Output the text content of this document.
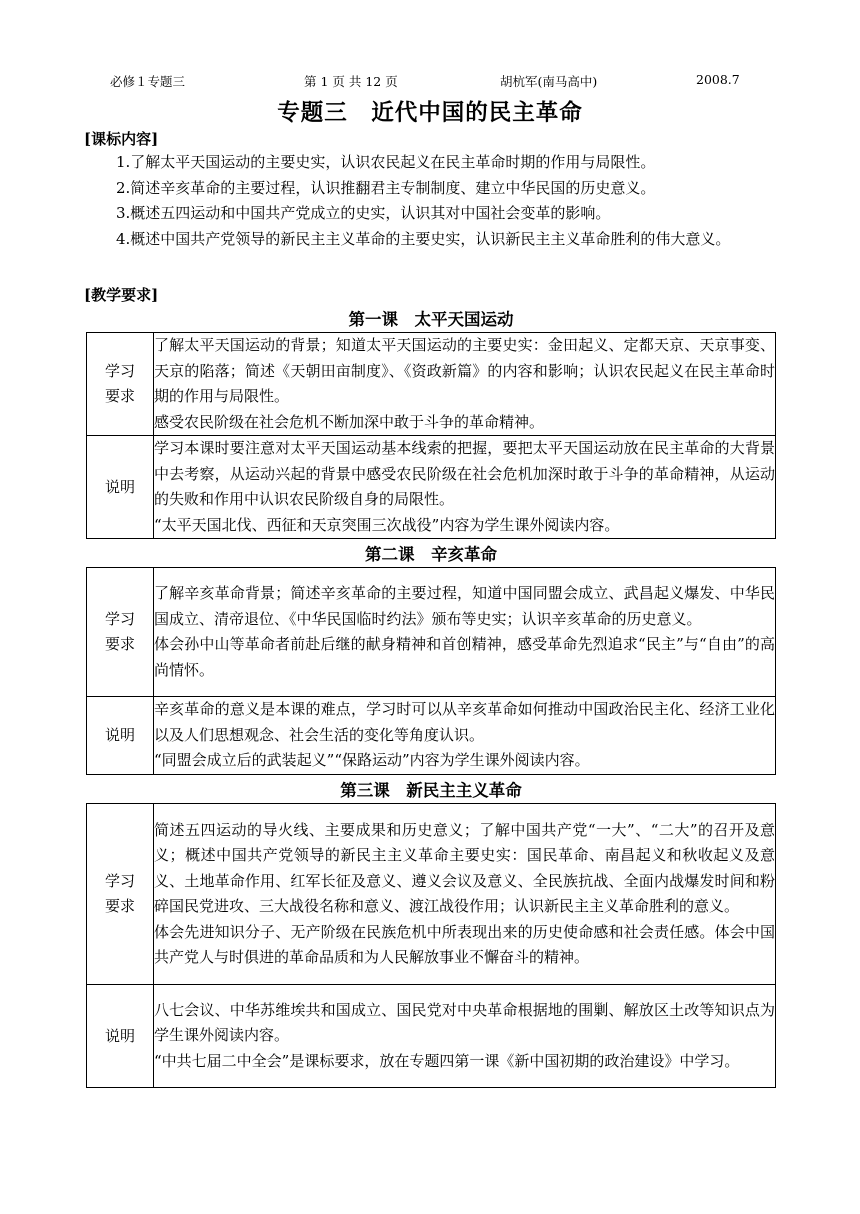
必修１专题三	第 1 页 共 12 页	胡杭军(南马高中)	2008.7
专题三　近代中国的民主革命
[课标内容]

1.了解太平天国运动的主要史实，认识农民起义在民主革命时期的作用与局限性。

2.简述辛亥革命的主要过程，认识推翻君主专制制度、建立中华民国的历史意义。

3.概述五四运动和中国共产党成立的史实，认识其对中国社会变革的影响。

4.概述中国共产党领导的新民主主义革命的主要史实，认识新民主主义革命胜利的伟大意义。

[教学要求]
第一课　太平天国运动
学习要求	了解太平天国运动的背景；知道太平天国运动的主要史实：金田起义、定都天京、天京事变、天京的陷落；简述《天朝田亩制度》、《资政新篇》的内容和影响；认识农民起义在民主革命时期的作用与局限性。

感受农民阶级在社会危机不断加深中敢于斗争的革命精神。

说明	学习本课时要注意对太平天国运动基本线索的把握，要把太平天国运动放在民主革命的大背景中去考察，从运动兴起的背景中感受农民阶级在社会危机加深时敢于斗争的革命精神，从运动的失败和作用中认识农民阶级自身的局限性。

“太平天国北伐、西征和天京突围三次战役”内容为学生课外阅读内容。

第二课　辛亥革命
学习要求	了解辛亥革命背景；简述辛亥革命的主要过程，知道中国同盟会成立、武昌起义爆发、中华民国成立、清帝退位、《中华民国临时约法》颁布等史实；认识辛亥革命的历史意义。

体会孙中山等革命者前赴后继的献身精神和首创精神，感受革命先烈追求“民主”与“自由”的高尚情怀。

说明	辛亥革命的意义是本课的难点，学习时可以从辛亥革命如何推动中国政治民主化、经济工业化以及人们思想观念、社会生活的变化等角度认识。

“同盟会成立后的武装起义”“保路运动”内容为学生课外阅读内容。

第三课　新民主主义革命
学习要求	简述五四运动的导火线、主要成果和历史意义；了解中国共产党“一大”、“二大”的召开及意义；概述中国共产党领导的新民主主义革命主要史实：国民革命、南昌起义和秋收起义及意义、土地革命作用、红军长征及意义、遵义会议及意义、全民族抗战、全面内战爆发时间和粉碎国民党进攻、三大战役名称和意义、渡江战役作用；认识新民主主义革命胜利的意义。

体会先进知识分子、无产阶级在民族危机中所表现出来的历史使命感和社会责任感。体会中国共产党人与时俱进的革命品质和为人民解放事业不懈奋斗的精神。

说明	八七会议、中华苏维埃共和国成立、国民党对中央革命根据地的围剿、解放区土改等知识点为学生课外阅读内容。

“中共七届二中全会”是课标要求，放在专题四第一课《新中国初期的政治建设》中学习。
